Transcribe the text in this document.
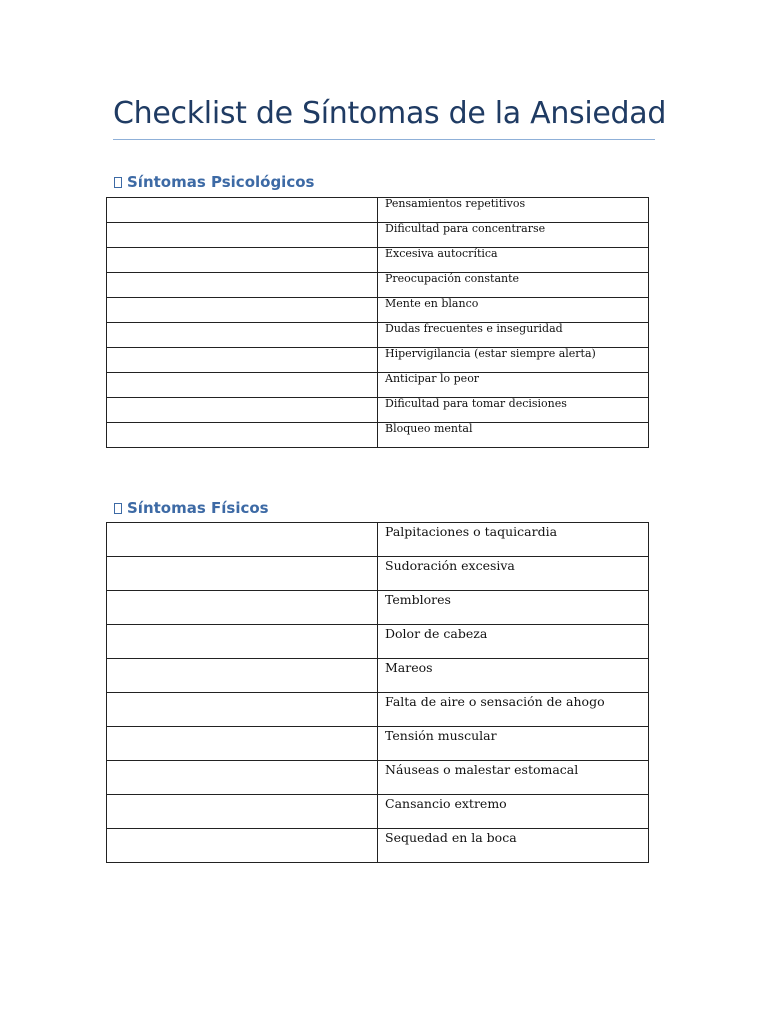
Checklist de Síntomas de la Ansiedad
Síntomas Psicológicos
	Pensamientos repetitivos
	Dificultad para concentrarse
	Excesiva autocrítica
	Preocupación constante
	Mente en blanco
	Dudas frecuentes e inseguridad
	Hipervigilancia (estar siempre alerta)
	Anticipar lo peor
	Dificultad para tomar decisiones
	Bloqueo mental
Síntomas Físicos
	Palpitaciones o taquicardia
	Sudoración excesiva
	Temblores
	Dolor de cabeza
	Mareos
	Falta de aire o sensación de ahogo
	Tensión muscular
	Náuseas o malestar estomacal
	Cansancio extremo
	Sequedad en la boca
